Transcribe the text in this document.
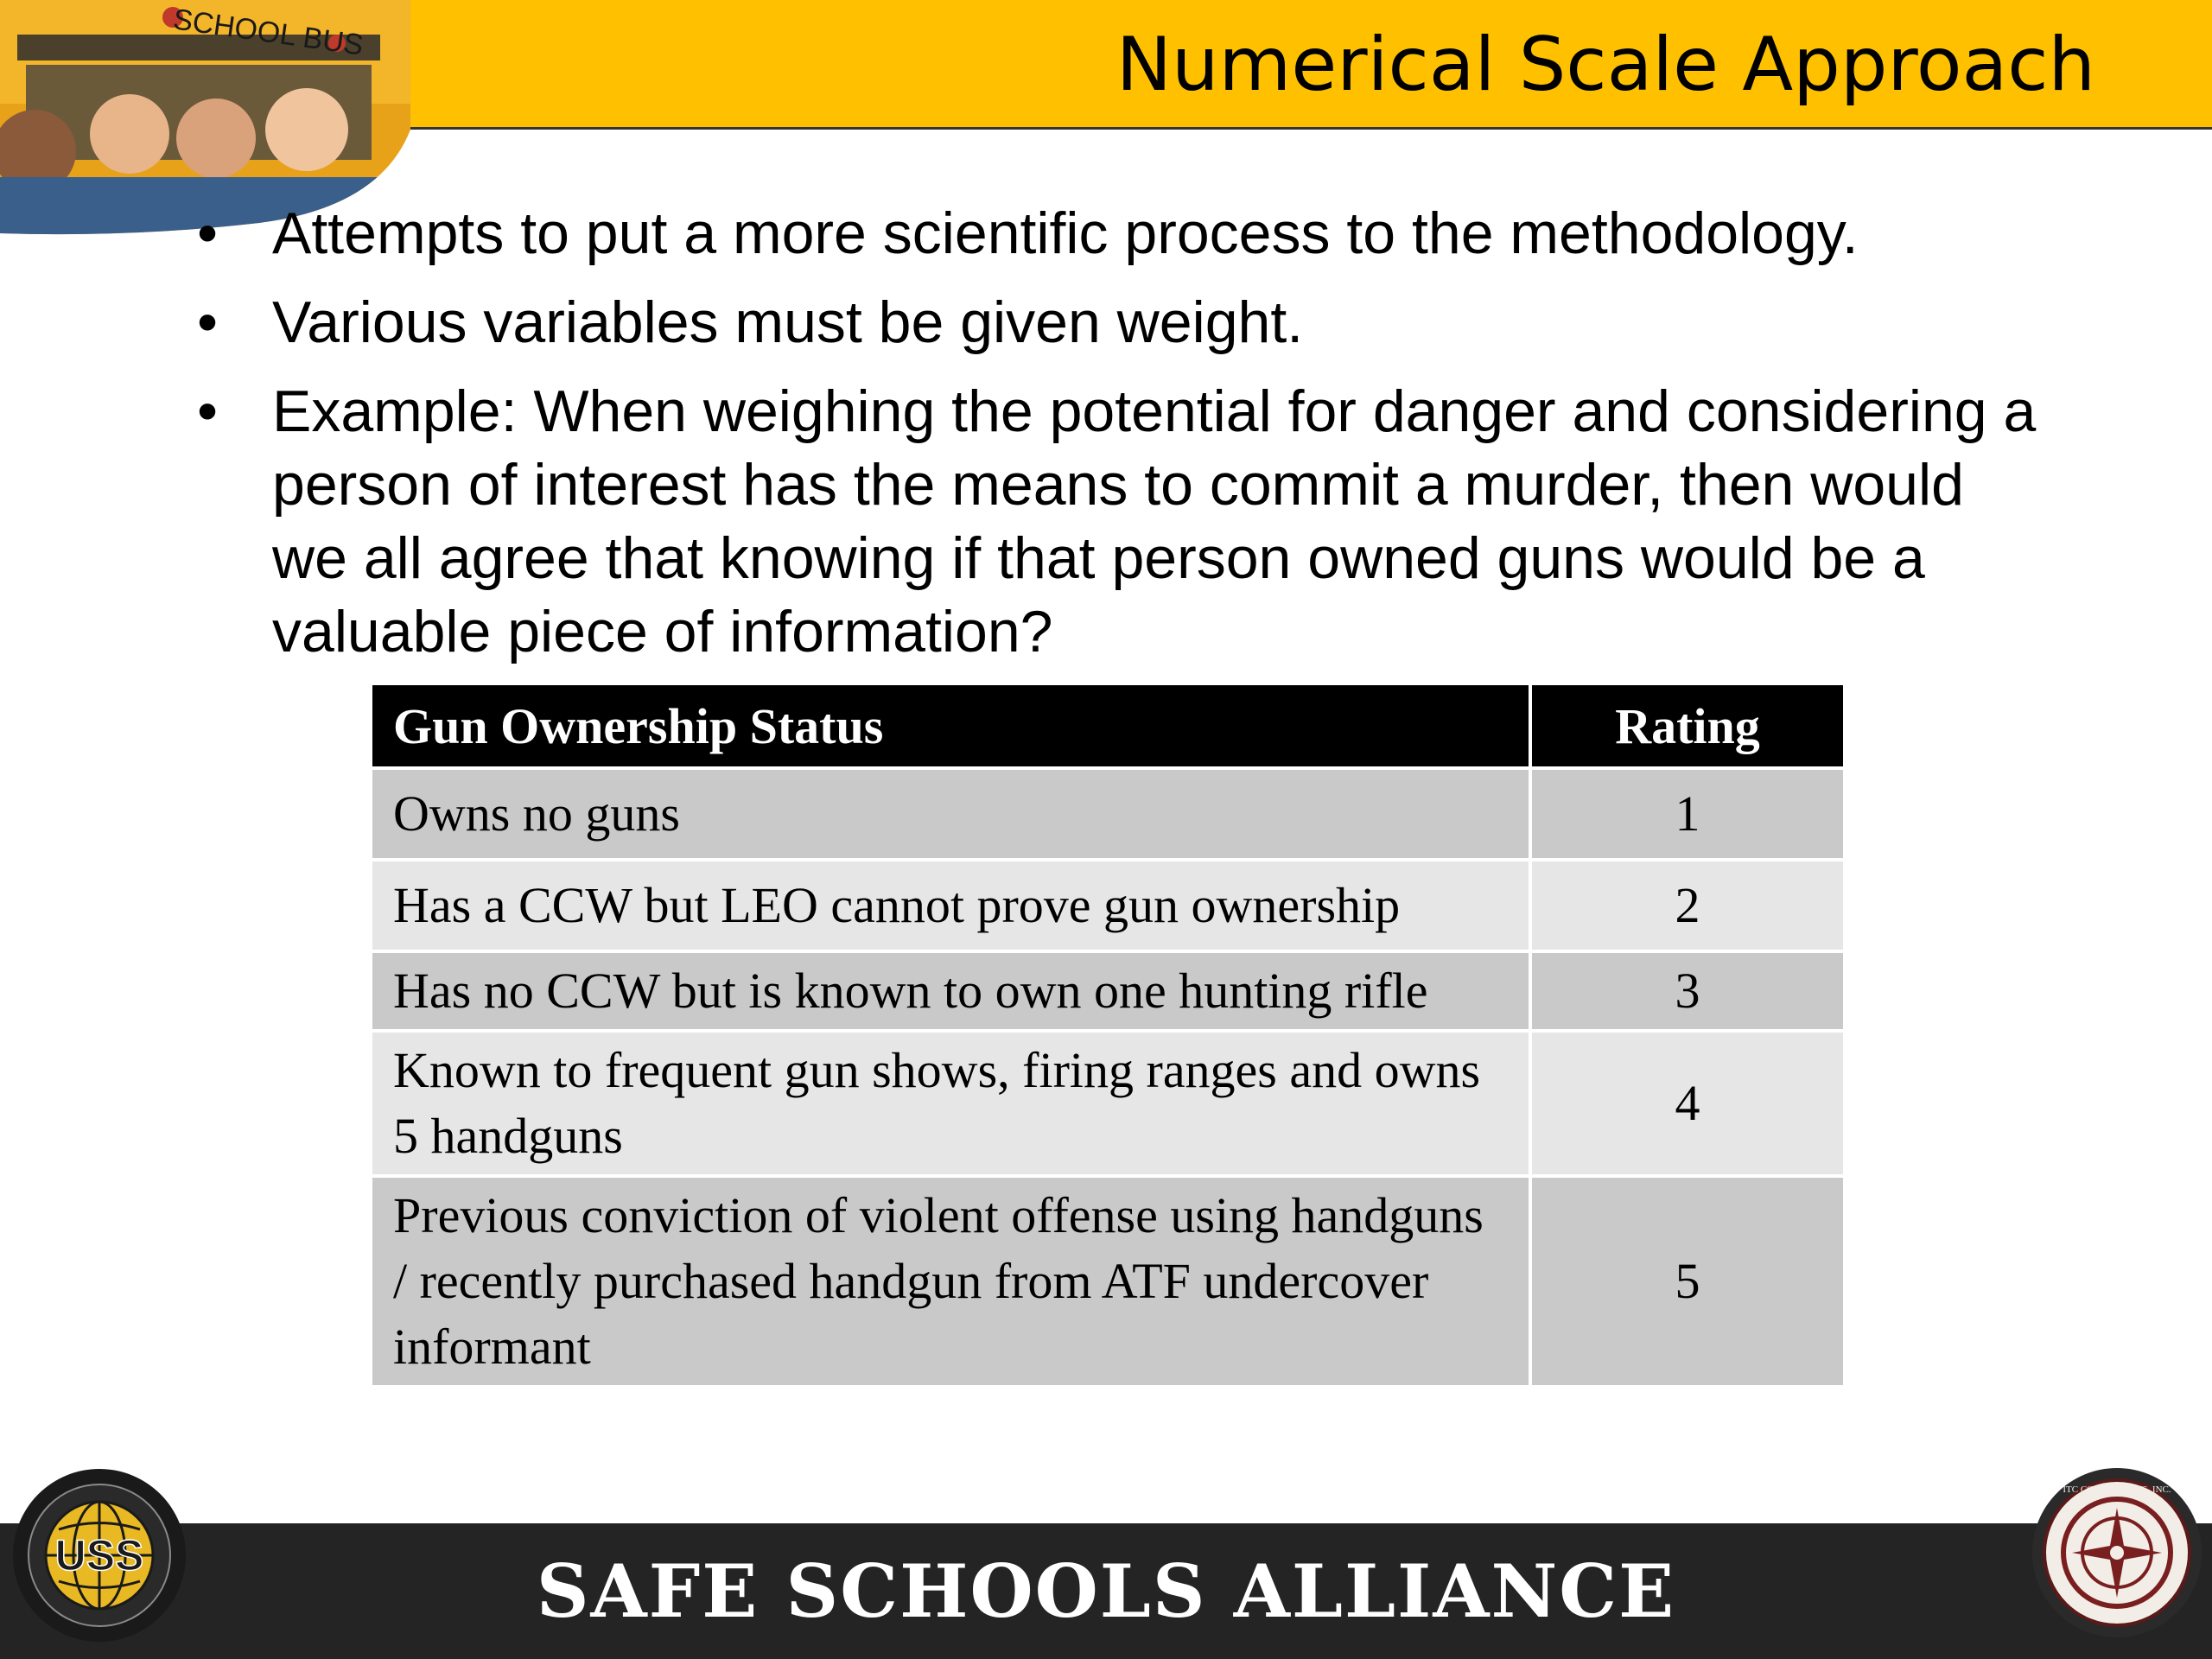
SCHOOL BUS	Numerical Scale Approach
• Attempts to put a more scientific process to the methodology.
• Various variables must be given weight.
• Example: When weighing the potential for danger and considering a person of interest has the means to commit a murder, then would we all agree that knowing if that person owned guns would be a valuable piece of information?
Gun Ownership Status	Rating
Owns no guns	1
Has a CCW but LEO cannot prove gun ownership	2

Has no CCW but is known to own one hunting rifle	3

Known to frequent gun shows, firing ranges and owns 5 handguns	4

Previous conviction of violent offense using handguns / recently purchased handgun from ATF undercover informant	5
SAFE SCHOOLS ALLIANCE
USS
ITC CONSULTANTS, INC.
